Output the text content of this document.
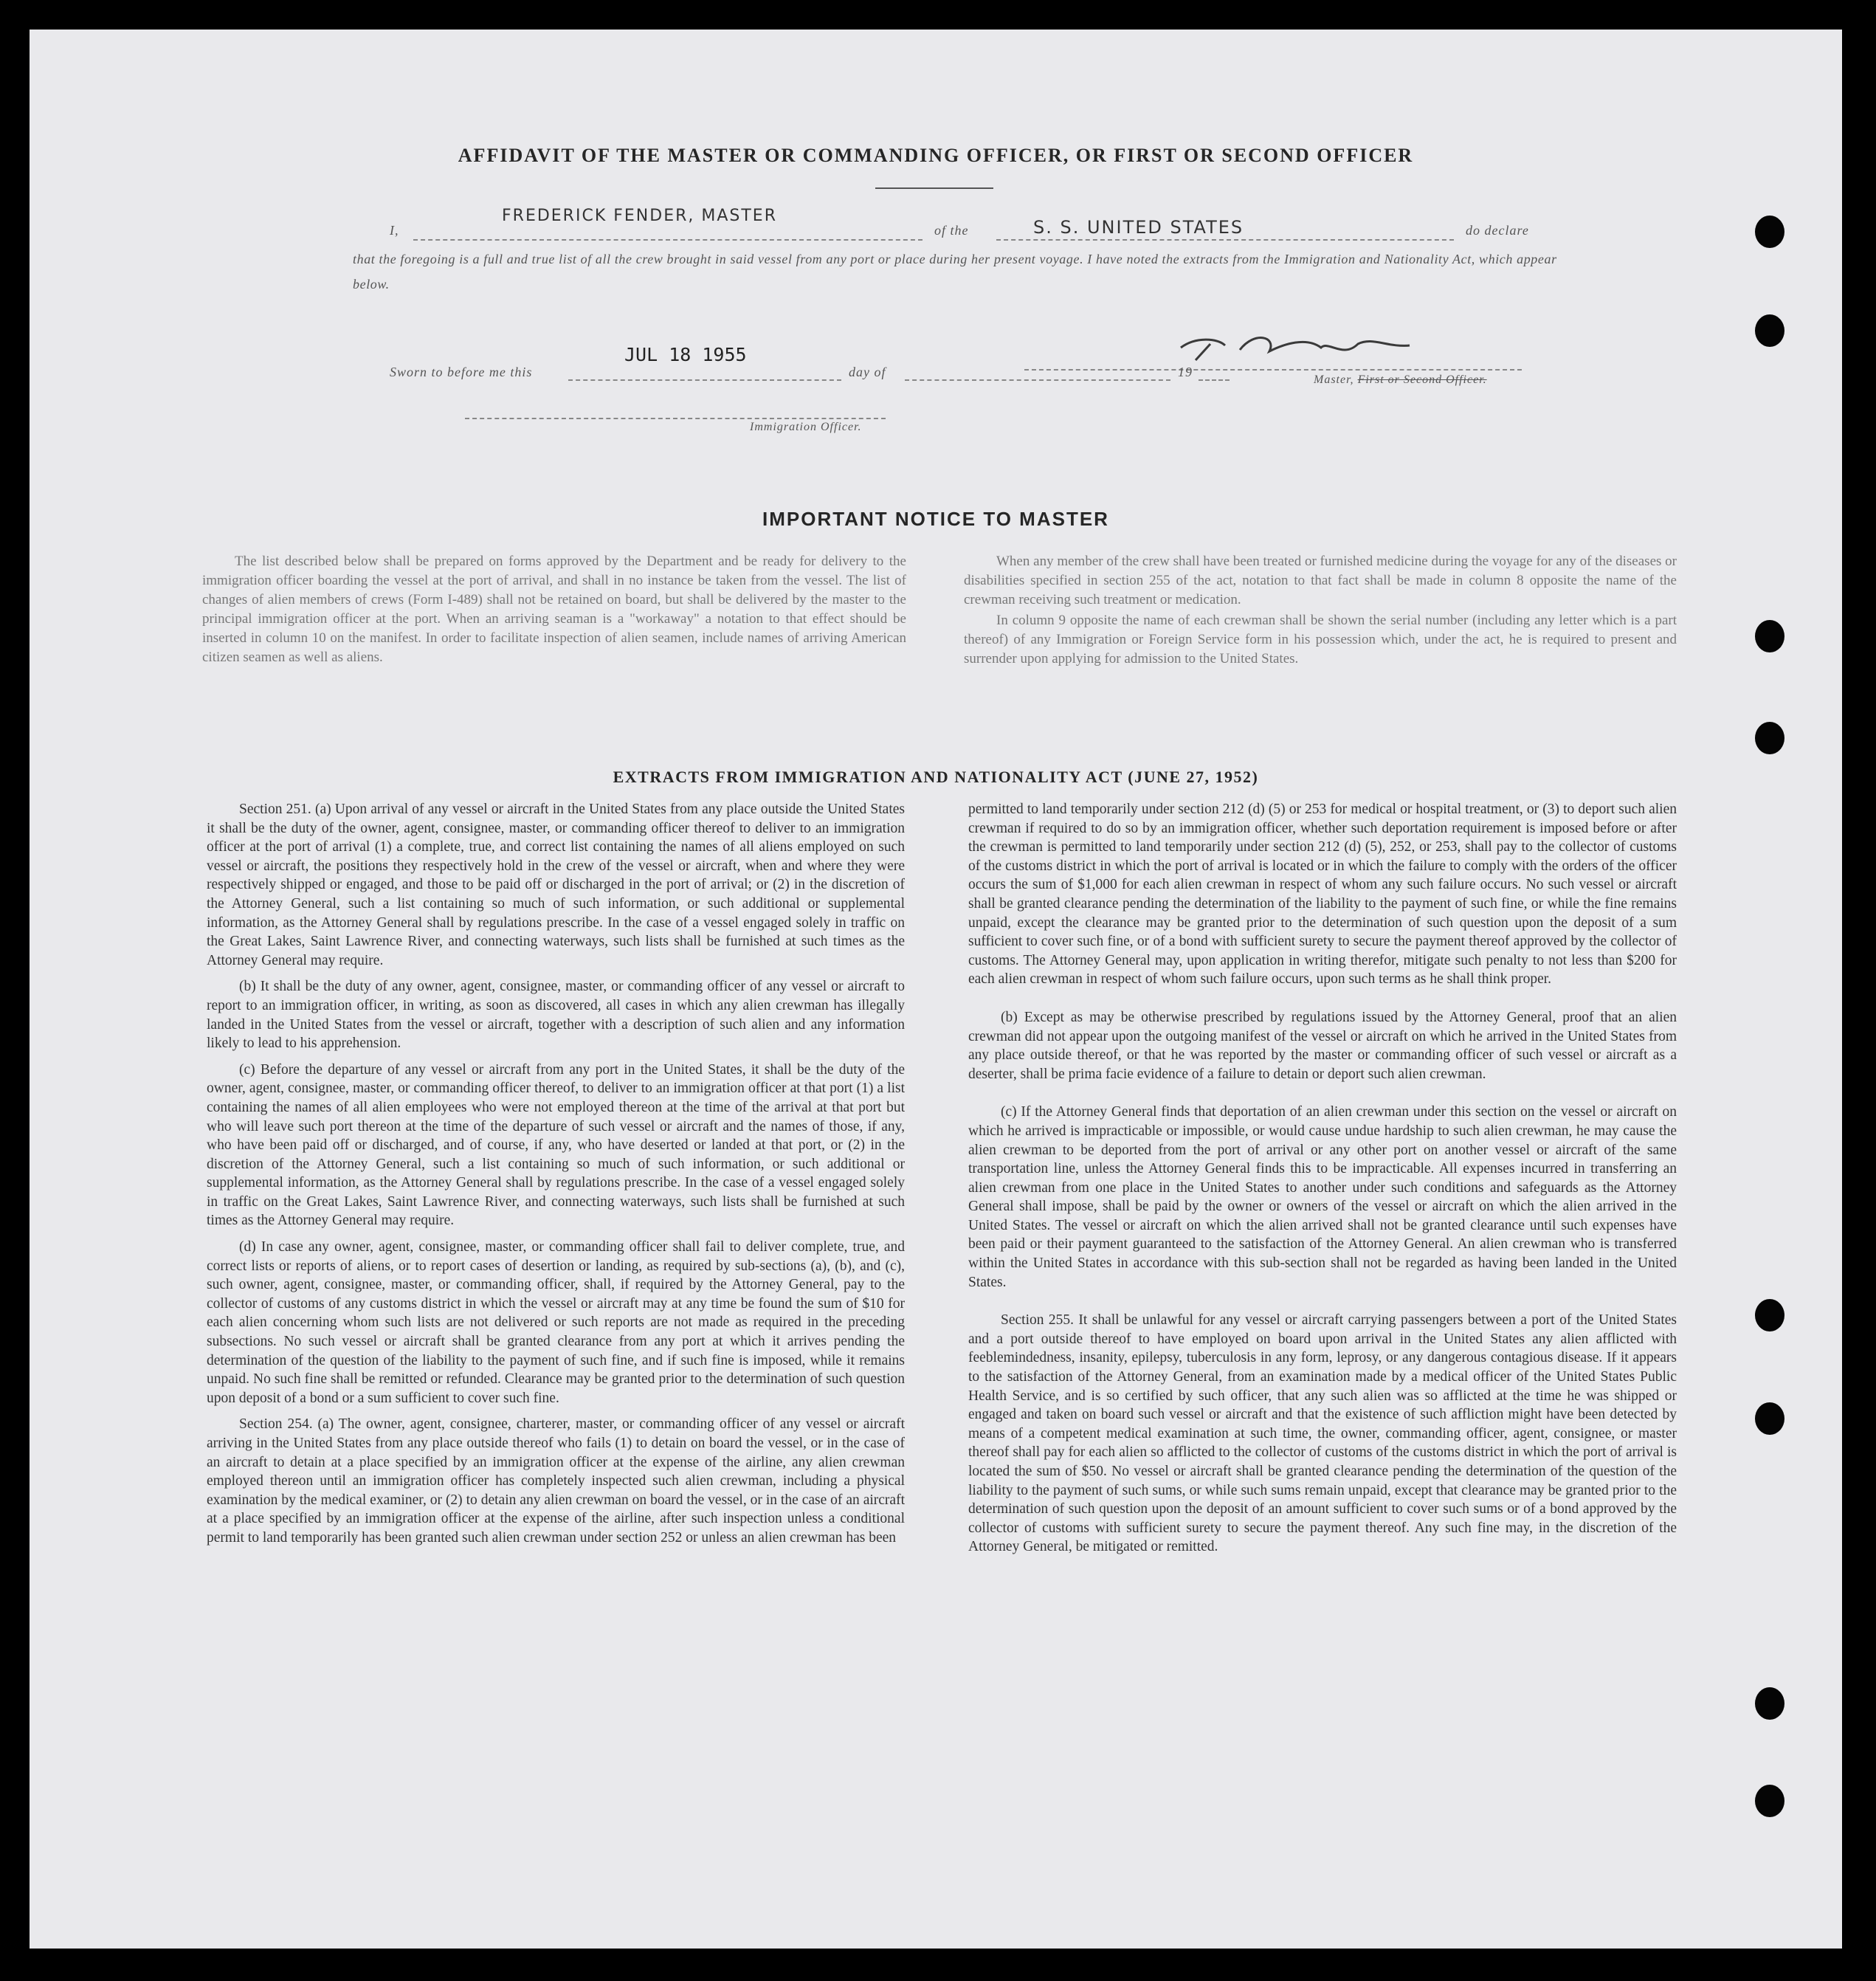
AFFIDAVIT OF THE MASTER OR COMMANDING OFFICER, OR FIRST OR SECOND OFFICER
I,
FREDERICK FENDER, MASTER
of the	S. S. UNITED STATES	do declare
that the foregoing is a full and true list of all the crew brought in said vessel from any port or place during her present voyage. I have noted the extracts from the Immigration and Nationality Act, which appear below.
Master, First or Second Officer.
Sworn to before me this
JUL 18 1955
day of	19
Immigration Officer.
IMPORTANT NOTICE TO MASTER

The list described below shall be prepared on forms approved by the Department and be ready for delivery to the immigration officer boarding the vessel at the port of arrival, and shall in no instance be taken from the vessel. The list of changes of alien members of crews (Form I-489) shall not be retained on board, but shall be delivered by the master to the principal immigration officer at the port. When an arriving seaman is a "workaway" a notation to that effect should be inserted in column 10 on the manifest. In order to facilitate inspection of alien seamen, include names of arriving American citizen seamen as well as aliens.

When any member of the crew shall have been treated or furnished medicine during the voyage for any of the diseases or disabilities specified in section 255 of the act, notation to that fact shall be made in column 8 opposite the name of the crewman receiving such treatment or medication.

In column 9 opposite the name of each crewman shall be shown the serial number (including any letter which is a part thereof) of any Immigration or Foreign Service form in his possession which, under the act, he is required to present and surrender upon applying for admission to the United States.

EXTRACTS FROM IMMIGRATION AND NATIONALITY ACT (JUNE 27, 1952)

Section 251. (a) Upon arrival of any vessel or aircraft in the United States from any place outside the United States it shall be the duty of the owner, agent, consignee, master, or commanding officer thereof to deliver to an immigration officer at the port of arrival (1) a complete, true, and correct list containing the names of all aliens employed on such vessel or aircraft, the positions they respectively hold in the crew of the vessel or aircraft, when and where they were respectively shipped or engaged, and those to be paid off or discharged in the port of arrival; or (2) in the discretion of the Attorney General, such a list containing so much of such information, or such additional or supplemental information, as the Attorney General shall by regulations prescribe. In the case of a vessel engaged solely in traffic on the Great Lakes, Saint Lawrence River, and connecting waterways, such lists shall be furnished at such times as the Attorney General may require.

(b) It shall be the duty of any owner, agent, consignee, master, or commanding officer of any vessel or aircraft to report to an immigration officer, in writing, as soon as discovered, all cases in which any alien crewman has illegally landed in the United States from the vessel or aircraft, together with a description of such alien and any information likely to lead to his apprehension.

(c) Before the departure of any vessel or aircraft from any port in the United States, it shall be the duty of the owner, agent, consignee, master, or commanding officer thereof, to deliver to an immigration officer at that port (1) a list containing the names of all alien employees who were not employed thereon at the time of the arrival at that port but who will leave such port thereon at the time of the departure of such vessel or aircraft and the names of those, if any, who have been paid off or discharged, and of course, if any, who have deserted or landed at that port, or (2) in the discretion of the Attorney General, such a list containing so much of such information, or such additional or supplemental information, as the Attorney General shall by regulations prescribe. In the case of a vessel engaged solely in traffic on the Great Lakes, Saint Lawrence River, and connecting waterways, such lists shall be furnished at such times as the Attorney General may require.

(d) In case any owner, agent, consignee, master, or commanding officer shall fail to deliver complete, true, and correct lists or reports of aliens, or to report cases of desertion or landing, as required by sub-sections (a), (b), and (c), such owner, agent, consignee, master, or commanding officer, shall, if required by the Attorney General, pay to the collector of customs of any customs district in which the vessel or aircraft may at any time be found the sum of $10 for each alien concerning whom such lists are not delivered or such reports are not made as required in the preceding subsections. No such vessel or aircraft shall be granted clearance from any port at which it arrives pending the determination of the question of the liability to the payment of such fine, and if such fine is imposed, while it remains unpaid. No such fine shall be remitted or refunded. Clearance may be granted prior to the determination of such question upon deposit of a bond or a sum sufficient to cover such fine.

Section 254. (a) The owner, agent, consignee, charterer, master, or commanding officer of any vessel or aircraft arriving in the United States from any place outside thereof who fails (1) to detain on board the vessel, or in the case of an aircraft to detain at a place specified by an immigration officer at the expense of the airline, any alien crewman employed thereon until an immigration officer has completely inspected such alien crewman, including a physical examination by the medical examiner, or (2) to detain any alien crewman on board the vessel, or in the case of an aircraft at a place specified by an immigration officer at the expense of the airline, after such inspection unless a conditional permit to land temporarily has been granted such alien crewman under section 252 or unless an alien crewman has been

permitted to land temporarily under section 212 (d) (5) or 253 for medical or hospital treatment, or (3) to deport such alien crewman if required to do so by an immigration officer, whether such deportation requirement is imposed before or after the crewman is permitted to land temporarily under section 212 (d) (5), 252, or 253, shall pay to the collector of customs of the customs district in which the port of arrival is located or in which the failure to comply with the orders of the officer occurs the sum of $1,000 for each alien crewman in respect of whom any such failure occurs. No such vessel or aircraft shall be granted clearance pending the determination of the liability to the payment of such fine, or while the fine remains unpaid, except the clearance may be granted prior to the determination of such question upon the deposit of a sum sufficient to cover such fine, or of a bond with sufficient surety to secure the payment thereof approved by the collector of customs. The Attorney General may, upon application in writing therefor, mitigate such penalty to not less than $200 for each alien crewman in respect of whom such failure occurs, upon such terms as he shall think proper.

(b) Except as may be otherwise prescribed by regulations issued by the Attorney General, proof that an alien crewman did not appear upon the outgoing manifest of the vessel or aircraft on which he arrived in the United States from any place outside thereof, or that he was reported by the master or commanding officer of such vessel or aircraft as a deserter, shall be prima facie evidence of a failure to detain or deport such alien crewman.

(c) If the Attorney General finds that deportation of an alien crewman under this section on the vessel or aircraft on which he arrived is impracticable or impossible, or would cause undue hardship to such alien crewman, he may cause the alien crewman to be deported from the port of arrival or any other port on another vessel or aircraft of the same transportation line, unless the Attorney General finds this to be impracticable. All expenses incurred in transferring an alien crewman from one place in the United States to another under such conditions and safeguards as the Attorney General shall impose, shall be paid by the owner or owners of the vessel or aircraft on which the alien arrived in the United States. The vessel or aircraft on which the alien arrived shall not be granted clearance until such expenses have been paid or their payment guaranteed to the satisfaction of the Attorney General. An alien crewman who is transferred within the United States in accordance with this sub-section shall not be regarded as having been landed in the United States.

Section 255. It shall be unlawful for any vessel or aircraft carrying passengers between a port of the United States and a port outside thereof to have employed on board upon arrival in the United States any alien afflicted with feeblemindedness, insanity, epilepsy, tuberculosis in any form, leprosy, or any dangerous contagious disease. If it appears to the satisfaction of the Attorney General, from an examination made by a medical officer of the United States Public Health Service, and is so certified by such officer, that any such alien was so afflicted at the time he was shipped or engaged and taken on board such vessel or aircraft and that the existence of such affliction might have been detected by means of a competent medical examination at such time, the owner, commanding officer, agent, consignee, or master thereof shall pay for each alien so afflicted to the collector of customs of the customs district in which the port of arrival is located the sum of $50. No vessel or aircraft shall be granted clearance pending the determination of the question of the liability to the payment of such sums, or while such sums remain unpaid, except that clearance may be granted prior to the determination of such question upon the deposit of an amount sufficient to cover such sums or of a bond approved by the collector of customs with sufficient surety to secure the payment thereof. Any such fine may, in the discretion of the Attorney General, be mitigated or remitted.
